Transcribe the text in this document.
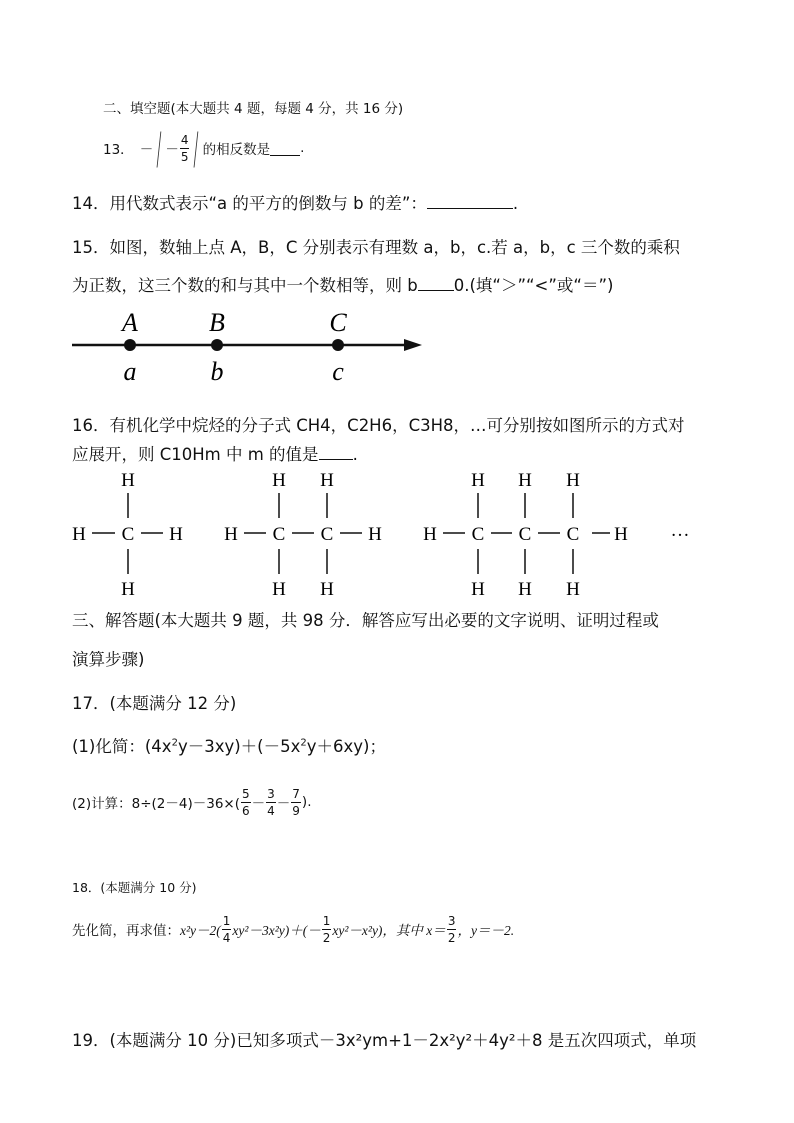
二、填空题(本大题共 4 题，每题 4 分，共 16 分)
13． － | － $\frac{4}{5}$ | 的相反数是 .
14．用代数式表示“a 的平方的倒数与 b 的差”：	.
15．如图，数轴上点 A，B，C 分别表示有理数 a，b，c.若 a，b，c 三个数的乘积
为正数，这三个数的和与其中一个数相等，则 b 0.(填“＞”“<”或“＝”)
A	B	C
a	b	c
16．有机化学中烷烃的分子式 CH4，C2H6，C3H8，…可分别按如图所示的方式对
应展开，则 C10Hm 中 m 的值是 .
H
H C H
H
H H
H C C H
H H
H H H
H C C C H
H H H
…
三、解答题(本大题共 9 题，共 98 分．解答应写出必要的文字说明、证明过程或
演算步骤)
17．(本题满分 12 分)
(1)化简：$(4x^2y-3xy)+(-5x^2y+6xy)$；
(2)计算：$8\div(2-4)-36\times( \frac{5}{6} - \frac{3}{4} - \frac{7}{9}$ ).
18．(本题满分 10 分)
先化简，再求值： $x^2y-2( \frac{1}{4} xy^2-3x^2y)+(- \frac{1}{2} xy^2-x^2y)$，其中 $x= \frac{3}{2}$ ，y＝－2.
19．(本题满分 10 分)已知多项式－3x²ym+1－2x²y²＋4y²＋8 是五次四项式，单项
